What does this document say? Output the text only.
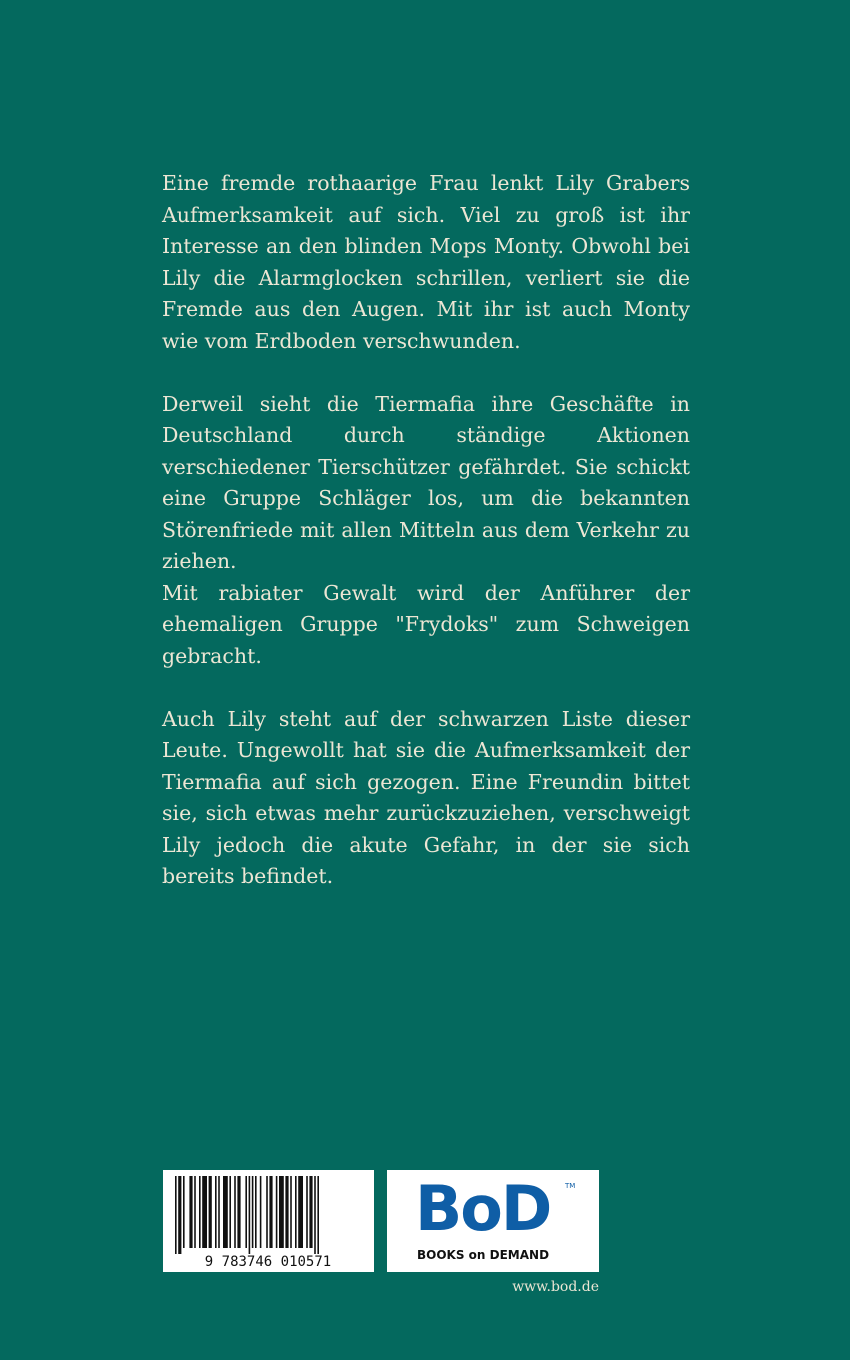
Eine fremde rothaarige Frau lenkt Lily Grabers Aufmerksamkeit auf sich. Viel zu groß ist ihr Interesse an den blinden Mops Monty. Obwohl bei Lily die Alarmglocken schrillen, verliert sie die Fremde aus den Augen. Mit ihr ist auch Monty wie vom Erdboden verschwunden.

Derweil sieht die Tiermafia ihre Geschäfte in Deutschland durch ständige Aktionen verschiedener Tierschützer gefährdet. Sie schickt eine Gruppe Schläger los, um die bekannten Störenfriede mit allen Mitteln aus dem Verkehr zu ziehen.

Mit rabiater Gewalt wird der Anführer der ehemaligen Gruppe "Frydoks" zum Schweigen gebracht.

Auch Lily steht auf der schwarzen Liste dieser Leute. Ungewollt hat sie die Aufmerksamkeit der Tiermafia auf sich gezogen. Eine Freundin bittet sie, sich etwas mehr zurückzuziehen, verschweigt Lily jedoch die akute Gefahr, in der sie sich bereits befindet.

9 783746 010571
BoD TM
BOOKS on DEMAND
www.bod.de
